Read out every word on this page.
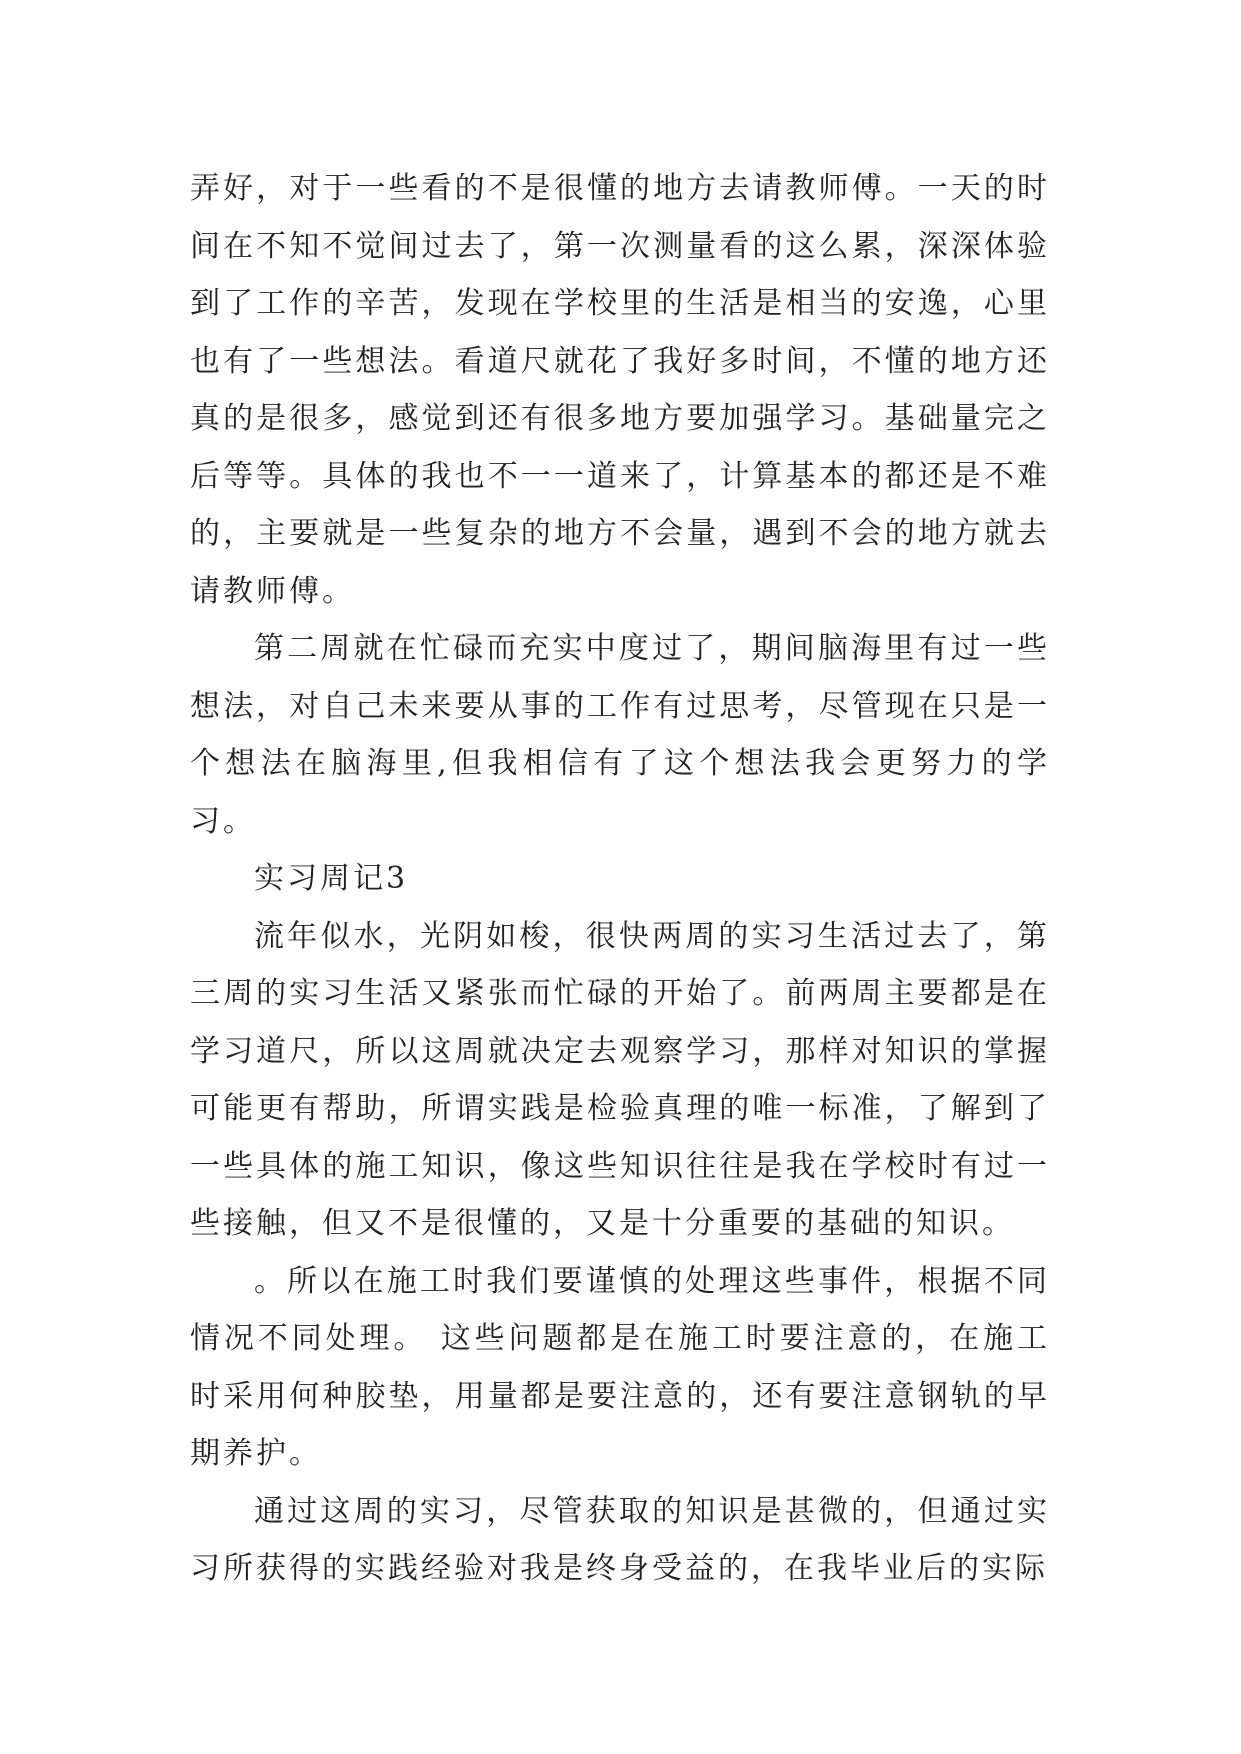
弄好，对于一些看的不是很懂的地方去请教师傅。一天的时间在不知不觉间过去了，第一次测量看的这么累，深深体验到了工作的辛苦，发现在学校里的生活是相当的安逸，心里也有了一些想法。看道尺就花了我好多时间，不懂的地方还真的是很多，感觉到还有很多地方要加强学习。基础量完之后等等。具体的我也不一一道来了，计算基本的都还是不难的，主要就是一些复杂的地方不会量，遇到不会的地方就去请教师傅。

第二周就在忙碌而充实中度过了，期间脑海里有过一些想法，对自己未来要从事的工作有过思考，尽管现在只是一个想法在脑海里,但我相信有了这个想法我会更努力的学习。

实习周记3

流年似水，光阴如梭，很快两周的实习生活过去了，第三周的实习生活又紧张而忙碌的开始了。前两周主要都是在学习道尺，所以这周就决定去观察学习，那样对知识的掌握可能更有帮助，所谓实践是检验真理的唯一标准，了解到了一些具体的施工知识，像这些知识往往是我在学校时有过一些接触，但又不是很懂的，又是十分重要的基础的知识。

。所以在施工时我们要谨慎的处理这些事件，根据不同情况不同处理。 这些问题都是在施工时要注意的，在施工时采用何种胶垫，用量都是要注意的，还有要注意钢轨的早期养护。

通过这周的实习，尽管获取的知识是甚微的，但通过实习所获得的实践经验对我是终身受益的，在我毕业后的实际
